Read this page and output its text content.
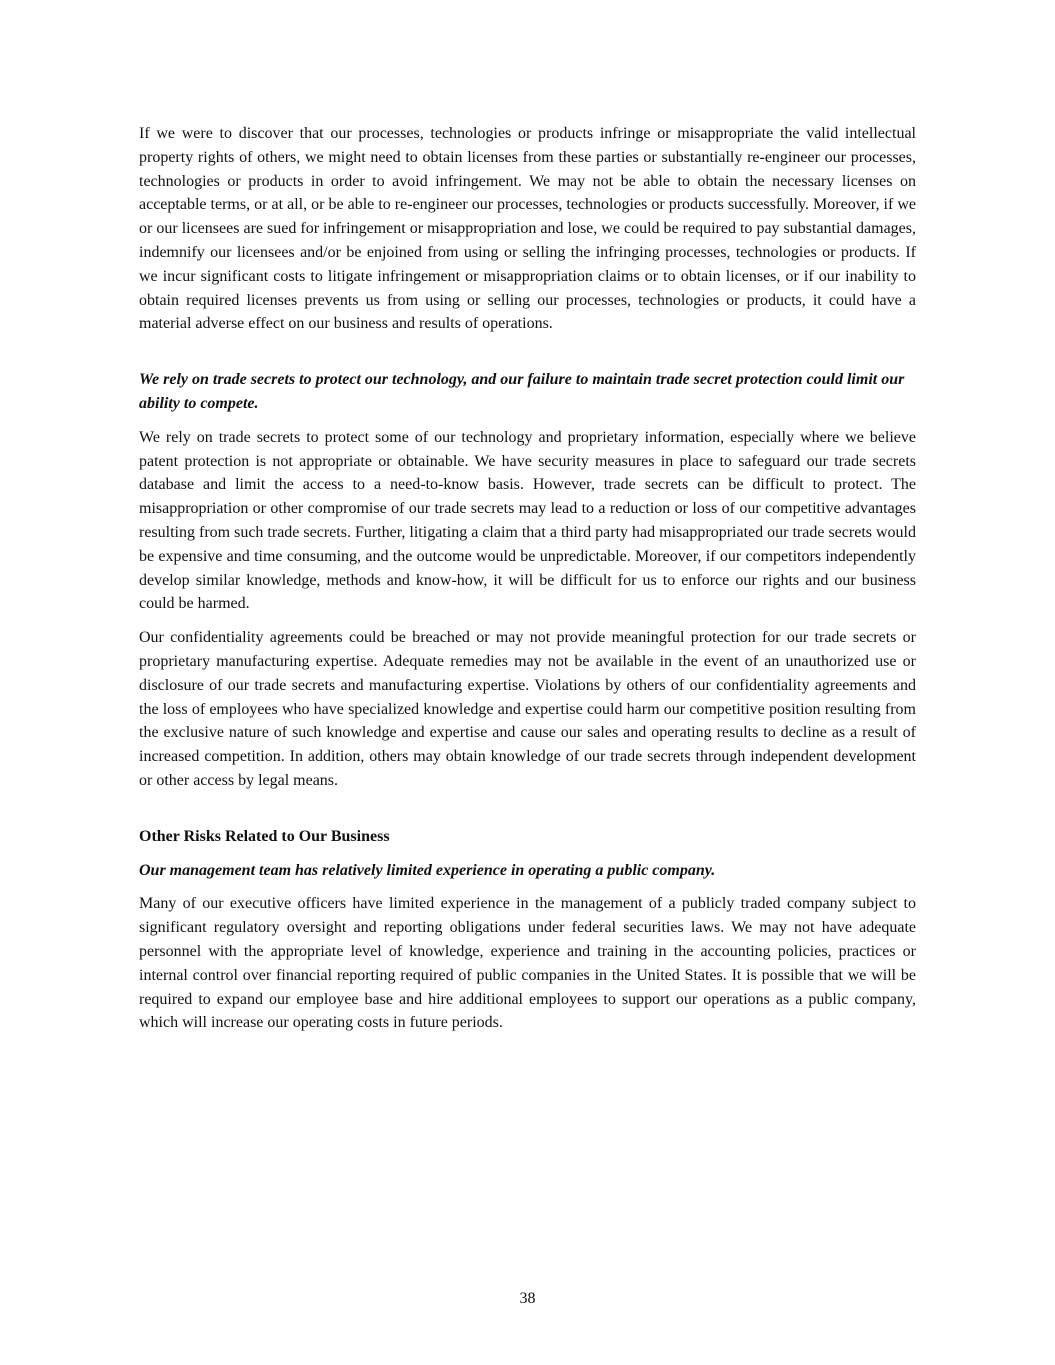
If we were to discover that our processes, technologies or products infringe or misappropriate the valid intellectual property rights of others, we might need to obtain licenses from these parties or substantially re-engineer our processes, technologies or products in order to avoid infringement. We may not be able to obtain the necessary licenses on acceptable terms, or at all, or be able to re-engineer our processes, technologies or products successfully. Moreover, if we or our licensees are sued for infringement or misappropriation and lose, we could be required to pay substantial damages, indemnify our licensees and/or be enjoined from using or selling the infringing processes, technologies or products. If we incur significant costs to litigate infringement or misappropriation claims or to obtain licenses, or if our inability to obtain required licenses prevents us from using or selling our processes, technologies or products, it could have a material adverse effect on our business and results of operations.

We rely on trade secrets to protect our technology, and our failure to maintain trade secret protection could limit our ability to compete.

We rely on trade secrets to protect some of our technology and proprietary information, especially where we believe patent protection is not appropriate or obtainable. We have security measures in place to safeguard our trade secrets database and limit the access to a need-to-know basis. However, trade secrets can be difficult to protect. The misappropriation or other compromise of our trade secrets may lead to a reduction or loss of our competitive advantages resulting from such trade secrets. Further, litigating a claim that a third party had misappropriated our trade secrets would be expensive and time consuming, and the outcome would be unpredictable. Moreover, if our competitors independently develop similar knowledge, methods and know-how, it will be difficult for us to enforce our rights and our business could be harmed.

Our confidentiality agreements could be breached or may not provide meaningful protection for our trade secrets or proprietary manufacturing expertise. Adequate remedies may not be available in the event of an unauthorized use or disclosure of our trade secrets and manufacturing expertise. Violations by others of our confidentiality agreements and the loss of employees who have specialized knowledge and expertise could harm our competitive position resulting from the exclusive nature of such knowledge and expertise and cause our sales and operating results to decline as a result of increased competition. In addition, others may obtain knowledge of our trade secrets through independent development or other access by legal means.

Other Risks Related to Our Business

Our management team has relatively limited experience in operating a public company.

Many of our executive officers have limited experience in the management of a publicly traded company subject to significant regulatory oversight and reporting obligations under federal securities laws. We may not have adequate personnel with the appropriate level of knowledge, experience and training in the accounting policies, practices or internal control over financial reporting required of public companies in the United States. It is possible that we will be required to expand our employee base and hire additional employees to support our operations as a public company, which will increase our operating costs in future periods.

38
